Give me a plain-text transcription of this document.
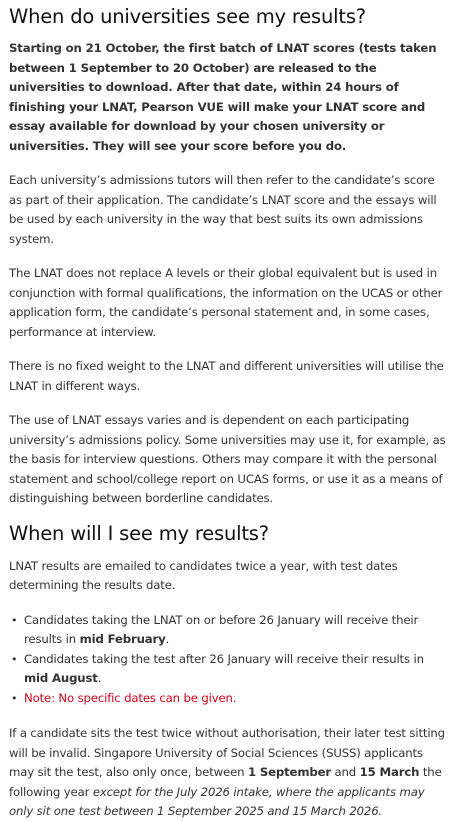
When do universities see my results?

Starting on 21 October, the first batch of LNAT scores (tests taken between 1 September to 20 October) are released to the universities to download. After that date, within 24 hours of finishing your LNAT, Pearson VUE will make your LNAT score and essay available for download by your chosen university or universities. They will see your score before you do.

Each university’s admissions tutors will then refer to the candidate’s score as part of their application. The candidate’s LNAT score and the essays will be used by each university in the way that best suits its own admissions system.

The LNAT does not replace A levels or their global equivalent but is used in conjunction with formal qualifications, the information on the UCAS or other application form, the candidate’s personal statement and, in some cases, performance at interview.

There is no fixed weight to the LNAT and different universities will utilise the LNAT in different ways.

The use of LNAT essays varies and is dependent on each participating university’s admissions policy. Some universities may use it, for example, as the basis for interview questions. Others may compare it with the personal statement and school/college report on UCAS forms, or use it as a means of distinguishing between borderline candidates.

When will I see my results?

LNAT results are emailed to candidates twice a year, with test dates determining the results date.

• Candidates taking the LNAT on or before 26 January will receive their results in mid February.
• Candidates taking the test after 26 January will receive their results in mid August.
• Note: No specific dates can be given.

If a candidate sits the test twice without authorisation, their later test sitting will be invalid. Singapore University of Social Sciences (SUSS) applicants may sit the test, also only once, between 1 September and 15 March the following year except for the July 2026 intake, where the applicants may only sit one test between 1 September 2025 and 15 March 2026.
